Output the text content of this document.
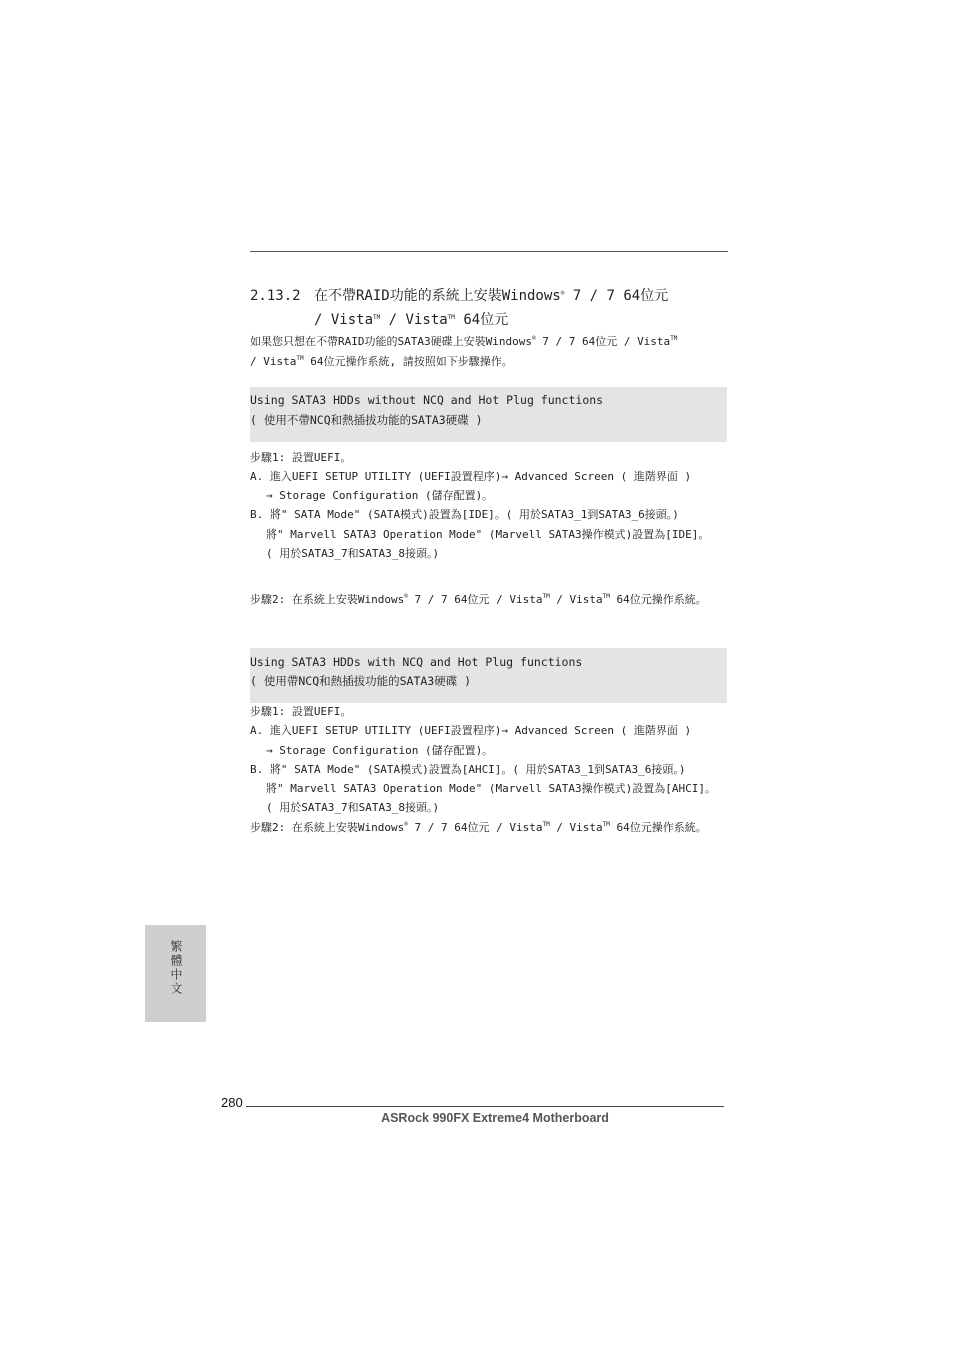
2.13.2 在不帶RAID功能的系統上安裝Windows® 7 / 7 64位元
/ Vista™ / Vista™ 64位元
如果您只想在不帶RAID功能的SATA3硬碟上安裝Windows® 7 / 7 64位元 / Vista™
/ Vista™ 64位元操作系統, 請按照如下步驟操作。
Using SATA3 HDDs without NCQ and Hot Plug functions
( 使用不帶NCQ和熱插拔功能的SATA3硬碟 )
步驟1: 設置UEFI。
A. 進入UEFI SETUP UTILITY (UEFI設置程序)→ Advanced Screen ( 進階界面 )
→ Storage Configuration (儲存配置)。
B. 將" SATA Mode" (SATA模式)設置為[IDE]。( 用於SATA3_1到SATA3_6接頭。)
將" Marvell SATA3 Operation Mode" (Marvell SATA3操作模式)設置為[IDE]。
( 用於SATA3_7和SATA3_8接頭。)
步驟2: 在系統上安裝Windows® 7 / 7 64位元 / Vista™ / Vista™ 64位元操作系統。
Using SATA3 HDDs with NCQ and Hot Plug functions
( 使用帶NCQ和熱插拔功能的SATA3硬碟 )
步驟1: 設置UEFI。
A. 進入UEFI SETUP UTILITY (UEFI設置程序)→ Advanced Screen ( 進階界面 )
→ Storage Configuration (儲存配置)。
B. 將" SATA Mode" (SATA模式)設置為[AHCI]。( 用於SATA3_1到SATA3_6接頭。)
將" Marvell SATA3 Operation Mode" (Marvell SATA3操作模式)設置為[AHCI]。
( 用於SATA3_7和SATA3_8接頭。)
步驟2: 在系統上安裝Windows® 7 / 7 64位元 / Vista™ / Vista™ 64位元操作系統。
繁體中文
280
ASRock 990FX Extreme4 Motherboard
